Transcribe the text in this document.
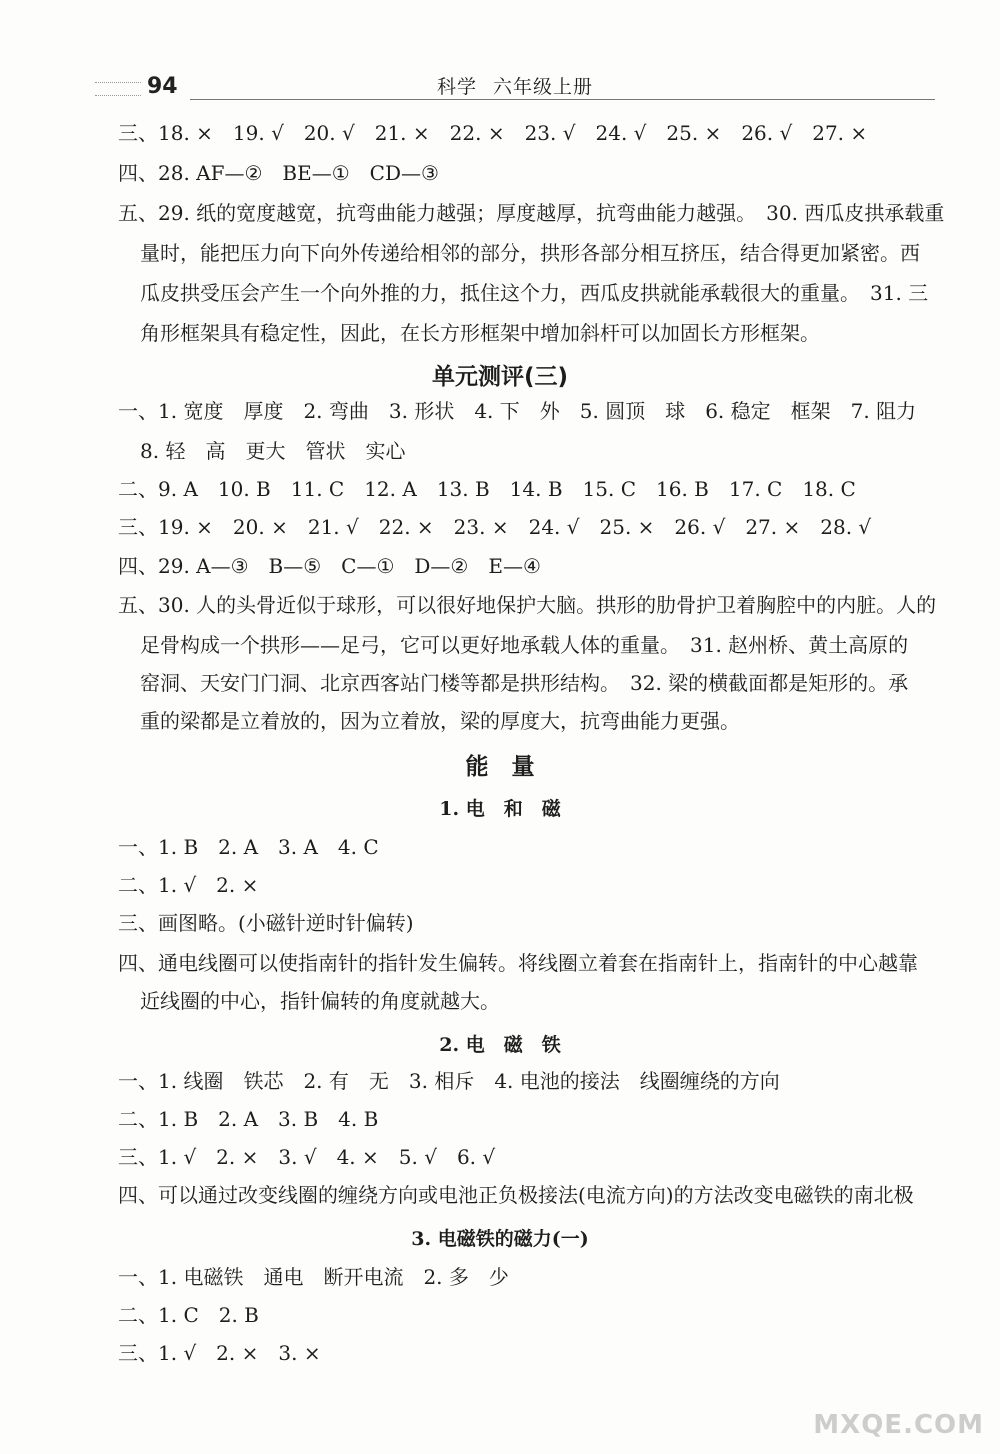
94	科学 六年级上册
三、18. ×　19. √　20. √　21. ×　22. ×　23. √　24. √　25. ×　26. √　27. ×
四、28. AF—②　BE—①　CD—③
五、29. 纸的宽度越宽，抗弯曲能力越强；厚度越厚，抗弯曲能力越强。　30. 西瓜皮拱承载重
量时，能把压力向下向外传递给相邻的部分，拱形各部分相互挤压，结合得更加紧密。西
瓜皮拱受压会产生一个向外推的力，抵住这个力，西瓜皮拱就能承载很大的重量。　31. 三
角形框架具有稳定性，因此，在长方形框架中增加斜杆可以加固长方形框架。
单元测评(三)
一、1. 宽度　厚度　2. 弯曲　3. 形状　4. 下　外　5. 圆顶　球　6. 稳定　框架　7. 阻力
8. 轻　高　更大　管状　实心
二、9. A　10. B　11. C　12. A　13. B　14. B　15. C　16. B　17. C　18. C
三、19. ×　20. ×　21. √　22. ×　23. ×　24. √　25. ×　26. √　27. ×　28. √
四、29. A—③　B—⑤　C—①　D—②　E—④
五、30. 人的头骨近似于球形，可以很好地保护大脑。拱形的肋骨护卫着胸腔中的内脏。人的
足骨构成一个拱形——足弓，它可以更好地承载人体的重量。　31. 赵州桥、黄土高原的
窑洞、天安门门洞、北京西客站门楼等都是拱形结构。　32. 梁的横截面都是矩形的。承
重的梁都是立着放的，因为立着放，梁的厚度大，抗弯曲能力更强。
能　量
1. 电　和　磁
一、1. B　2. A　3. A　4. C
二、1. √　2. ×
三、画图略。(小磁针逆时针偏转)
四、通电线圈可以使指南针的指针发生偏转。将线圈立着套在指南针上，指南针的中心越靠
近线圈的中心，指针偏转的角度就越大。
2. 电　磁　铁
一、1. 线圈　铁芯　2. 有　无　3. 相斥　4. 电池的接法　线圈缠绕的方向
二、1. B　2. A　3. B　4. B
三、1. √　2. ×　3. √　4. ×　5. √　6. √
四、可以通过改变线圈的缠绕方向或电池正负极接法(电流方向)的方法改变电磁铁的南北极
3. 电磁铁的磁力(一)
一、1. 电磁铁　通电　断开电流　2. 多　少
二、1. C　2. B
三、1. √　2. ×　3. ×
MXQE.COM
